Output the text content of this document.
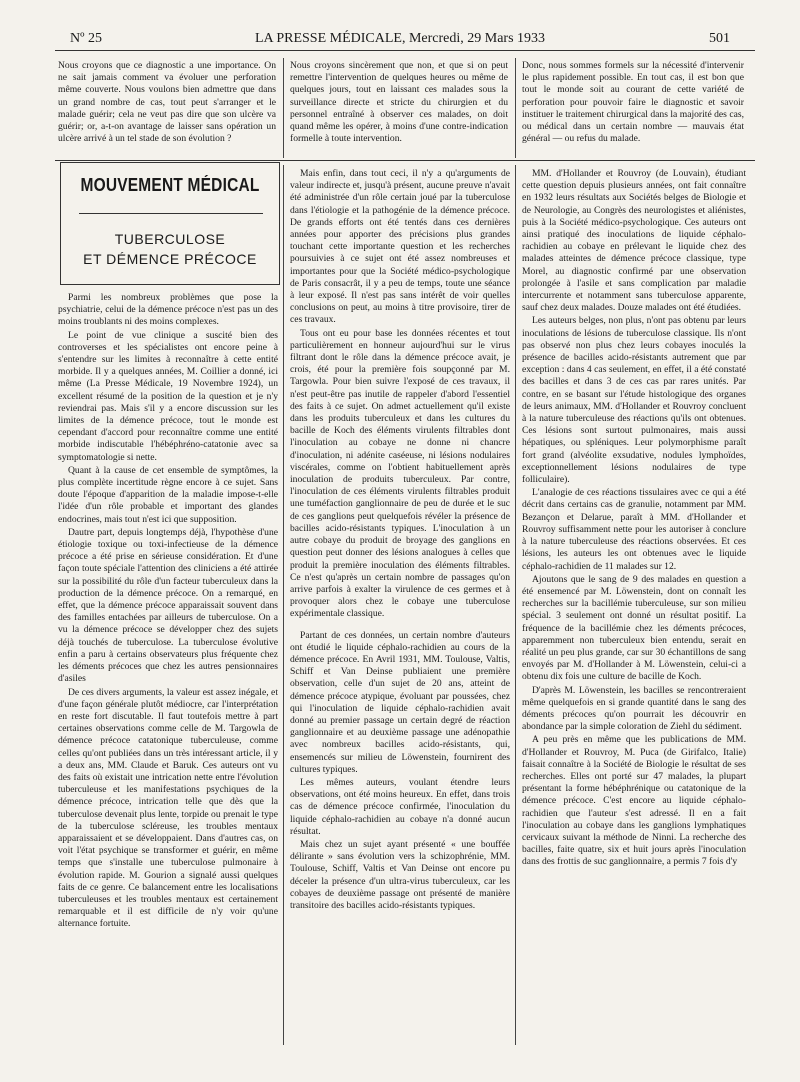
Nº 25	LA PRESSE MÉDICALE, Mercredi, 29 Mars 1933	501

Nous croyons que ce diagnostic a une importance. On ne sait jamais comment va évoluer une perforation même couverte. Nous voulons bien admettre que dans un grand nombre de cas, tout peut s'arranger et le malade guérir; cela ne veut pas dire que son ulcère va guérir; or, a-t-on avantage de laisser sans opération un ulcère arrivé à un tel stade de son évolution ?

Nous croyons sincèrement que non, et que si on peut remettre l'intervention de quelques heures ou même de quelques jours, tout en laissant ces malades sous la surveillance directe et stricte du chirurgien et du personnel entraîné à observer ces malades, on doit quand même les opérer, à moins d'une contre-indication formelle à toute intervention.

Donc, nous sommes formels sur la nécessité d'intervenir le plus rapidement possible. En tout cas, il est bon que tout le monde soit au courant de cette variété de perforation pour pouvoir faire le diagnostic et savoir instituer le traitement chirurgical dans la majorité des cas, ou médical dans un certain nombre — mauvais état général — ou refus du malade.

MOUVEMENT MÉDICAL
TUBERCULOSE
ET DÉMENCE PRÉCOCE

Parmi les nombreux problèmes que pose la psychiatrie, celui de la démence précoce n'est pas un des moins troublants ni des moins complexes.

Le point de vue clinique a suscité bien des controverses et les spécialistes ont encore peine à s'entendre sur les limites à reconnaître à cette entité morbide. Il y a quelques années, M. Coillier a donné, ici même (La Presse Médicale, 19 Novembre 1924), un excellent résumé de la position de la question et je n'y reviendrai pas. Mais s'il y a encore discussion sur les limites de la démence précoce, tout le monde est cependant d'accord pour reconnaître comme une entité morbide indiscutable l'hébéphréno-catatonie avec sa symptomatologie si nette.

Quant à la cause de cet ensemble de symptômes, la plus complète incertitude règne encore à ce sujet. Sans doute l'époque d'apparition de la maladie impose-t-elle l'idée d'un rôle probable et important des glandes endocrines, mais tout n'est ici que supposition.

Dautre part, depuis longtemps déjà, l'hypothèse d'une étiologie toxique ou toxi-infectieuse de la démence précoce a été prise en sérieuse considération. Et d'une façon toute spéciale l'attention des cliniciens a été attirée sur la possibilité du rôle d'un facteur tuberculeux dans la production de la démence précoce. On a remarqué, en effet, que la démence précoce apparaissait souvent dans des familles entachées par ailleurs de tuberculose. On a vu la démence précoce se développer chez des sujets déjà touchés de tuberculose. La tuberculose évolutive enfin a paru à certains observateurs plus fréquente chez les déments précoces que chez les autres pensionnaires d'asiles

De ces divers arguments, la valeur est assez inégale, et d'une façon générale plutôt médiocre, car l'interprétation en reste fort discutable. Il faut toutefois mettre à part certaines observations comme celle de M. Targowla de démence précoce catatonique tuberculeuse, comme celles qu'ont publiées dans un très intéressant article, il y a deux ans, MM. Claude et Baruk. Ces auteurs ont vu des faits où existait une intrication nette entre l'évolution tuberculeuse et les manifestations psychiques de la démence précoce, intrication telle que dès que la tuberculose devenait plus lente, torpide ou prenait le type de la tuberculose scléreuse, les troubles mentaux apparaissaient et se développaient. Dans d'autres cas, on voit l'état psychique se transformer et guérir, en même temps que s'installe une tuberculose pulmonaire à évolution rapide. M. Gourion a signalé aussi quelques faits de ce genre. Ce balancement entre les localisations tuberculeuses et les troubles mentaux est certainement remarquable et il est difficile de n'y voir qu'une alternance fortuite.

Mais enfin, dans tout ceci, il n'y a qu'arguments de valeur indirecte et, jusqu'à présent, aucune preuve n'avait été administrée d'un rôle certain joué par la tuberculose dans l'étiologie et la pathogénie de la démence précoce. De grands efforts ont été tentés dans ces dernières années pour apporter des précisions plus grandes touchant cette importante question et les recherches poursuivies à ce sujet ont été assez nombreuses et importantes pour que la Société médico-psychologique de Paris consacrât, il y a peu de temps, toute une séance à leur exposé. Il n'est pas sans intérêt de voir quelles conclusions on peut, au moins à titre provisoire, tirer de ces travaux.

Tous ont eu pour base les données récentes et tout particulièrement en honneur aujourd'hui sur le virus filtrant dont le rôle dans la démence précoce avait, je crois, été pour la première fois soupçonné par M. Targowla. Pour bien suivre l'exposé de ces travaux, il n'est peut-être pas inutile de rappeler d'abord l'essentiel des faits à ce sujet. On admet actuellement qu'il existe dans les produits tuberculeux et dans les cultures du bacille de Koch des éléments virulents filtrables dont l'inoculation au cobaye ne donne ni chancre d'inoculation, ni adénite caséeuse, ni lésions nodulaires viscérales, comme on l'obtient habituellement après inoculation de produits tuberculeux. Par contre, l'inoculation de ces éléments virulents filtrables produit une tuméfaction ganglionnaire de peu de durée et le suc de ces ganglions peut quelquefois révéler la présence de bacilles acido-résistants typiques. L'inoculation à un autre cobaye du produit de broyage des ganglions en question peut donner des lésions analogues à celles que produit la première inoculation des éléments filtrables. Ce n'est qu'après un certain nombre de passages qu'on arrive parfois à exalter la virulence de ces germes et à provoquer alors chez le cobaye une tuberculose expérimentale classique.

Partant de ces données, un certain nombre d'auteurs ont étudié le liquide céphalo-rachidien au cours de la démence précoce. En Avril 1931, MM. Toulouse, Valtis, Schiff et Van Deinse publiaient une première observation, celle d'un sujet de 20 ans, atteint de démence précoce atypique, évoluant par poussées, chez qui l'inoculation de liquide céphalo-rachidien avait donné au premier passage un certain degré de réaction ganglionnaire et au deuxième passage une adénopathie avec nombreux bacilles acido-résistants, qui, ensemencés sur milieu de Löwenstein, fournirent des cultures typiques.

Les mêmes auteurs, voulant étendre leurs observations, ont été moins heureux. En effet, dans trois cas de démence précoce confirmée, l'inoculation du liquide céphalo-rachidien au cobaye n'a donné aucun résultat.

Mais chez un sujet ayant présenté « une bouffée délirante » sans évolution vers la schizophrénie, MM. Toulouse, Schiff, Valtis et Van Deinse ont encore pu déceler la présence d'un ultra-virus tuberculeux, car les cobayes de deuxième passage ont présenté de manière transitoire des bacilles acido-résistants typiques.

MM. d'Hollander et Rouvroy (de Louvain), étudiant cette question depuis plusieurs années, ont fait connaître en 1932 leurs résultats aux Sociétés belges de Biologie et de Neurologie, au Congrès des neurologistes et aliénistes, puis à la Société médico-psychologique. Ces auteurs ont ainsi pratiqué des inoculations de liquide céphalo-rachidien au cobaye en prélevant le liquide chez des malades atteintes de démence précoce classique, type Morel, au diagnostic confirmé par une observation prolongée à l'asile et sans complication par maladie intercurrente et notamment sans tuberculose apparente, sauf chez deux malades. Douze malades ont été étudiées.

Les auteurs belges, non plus, n'ont pas obtenu par leurs inoculations de lésions de tuberculose classique. Ils n'ont pas observé non plus chez leurs cobayes inoculés la présence de bacilles acido-résistants autrement que par exception : dans 4 cas seulement, en effet, il a été constaté des bacilles et dans 3 de ces cas par rares unités. Par contre, en se basant sur l'étude histologique des organes de leurs animaux, MM. d'Hollander et Rouvroy concluent à la nature tuberculeuse des réactions qu'ils ont obtenues. Ces lésions sont surtout pulmonaires, mais aussi hépatiques, ou spléniques. Leur polymorphisme paraît fort grand (alvéolite exsudative, nodules lymphoïdes, exceptionnellement lésions nodulaires de type folliculaire).

L'analogie de ces réactions tissulaires avec ce qui a été décrit dans certains cas de granulie, notamment par MM. Bezançon et Delarue, paraît à MM. d'Hollander et Rouvroy suffisamment nette pour les autoriser à conclure à la nature tuberculeuse des réactions observées. Et ces lésions, les auteurs les ont obtenues avec le liquide céphalo-rachidien de 11 malades sur 12.

Ajoutons que le sang de 9 des malades en question a été ensemencé par M. Löwenstein, dont on connaît les recherches sur la bacillémie tuberculeuse, sur son milieu spécial. 3 seulement ont donné un résultat positif. La fréquence de la bacillémie chez les déments précoces, apparemment non tuberculeux bien entendu, serait en réalité un peu plus grande, car sur 30 échantillons de sang envoyés par M. d'Hollander à M. Löwenstein, celui-ci a obtenu dix fois une culture de bacille de Koch.

D'après M. Löwenstein, les bacilles se rencontreraient même quelquefois en si grande quantité dans le sang des déments précoces qu'on pourrait les découvrir en abondance par la simple coloration de Ziehl du sédiment.

A peu près en même que les publications de MM. d'Hollander et Rouvroy, M. Puca (de Girifalco, Italie) faisait connaître à la Société de Biologie le résultat de ses recherches. Elles ont porté sur 47 malades, la plupart présentant la forme hébéphrénique ou catatonique de la démence précoce. C'est encore au liquide céphalo-rachidien que l'auteur s'est adressé. Il en a fait l'inoculation au cobaye dans les ganglions lymphatiques cervicaux suivant la méthode de Ninni. La recherche des bacilles, faite quatre, six et huit jours après l'inoculation dans des frottis de suc ganglionnaire, a permis 7 fois d'y
